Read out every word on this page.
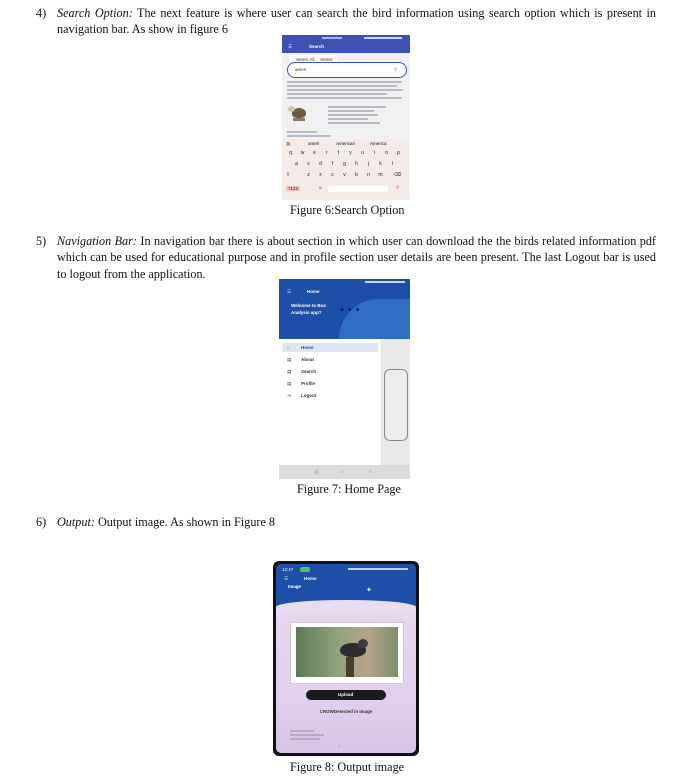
4) Search Option: The next feature is where user can search the bird information using search option which is present in navigation bar. As show in figure 6
☰	Search
Select All Select
ameri	⚲
▦	ameri	American	America
q	w	e	r	t	y	u	i	o	p
a	s	d	f	g	h	j	k	l
z	x	c	v	b	n	m
⇧	⌫
?123	☺	⚲
Figure 6:Search Option
5) Navigation Bar: In navigation bar there is about section in which user can download the the birds related information pdf which can be used for educational purpose and in profile section user details are been present. The last Logout bar is used to logout from the application.
☰	Home
Welcome to Bus Analysis app?	✦ ✦ ✦
⌂	Home
▤ About
▤ Search
▤ Profile
⇥ Logout
|||	○	<
Figure 7: Home Page
6) Output: Output image. As shown in Figure 8
12:47
☰	Home
Image
✦
Upload
CROWDetected in Image
○
Figure 8: Output image
